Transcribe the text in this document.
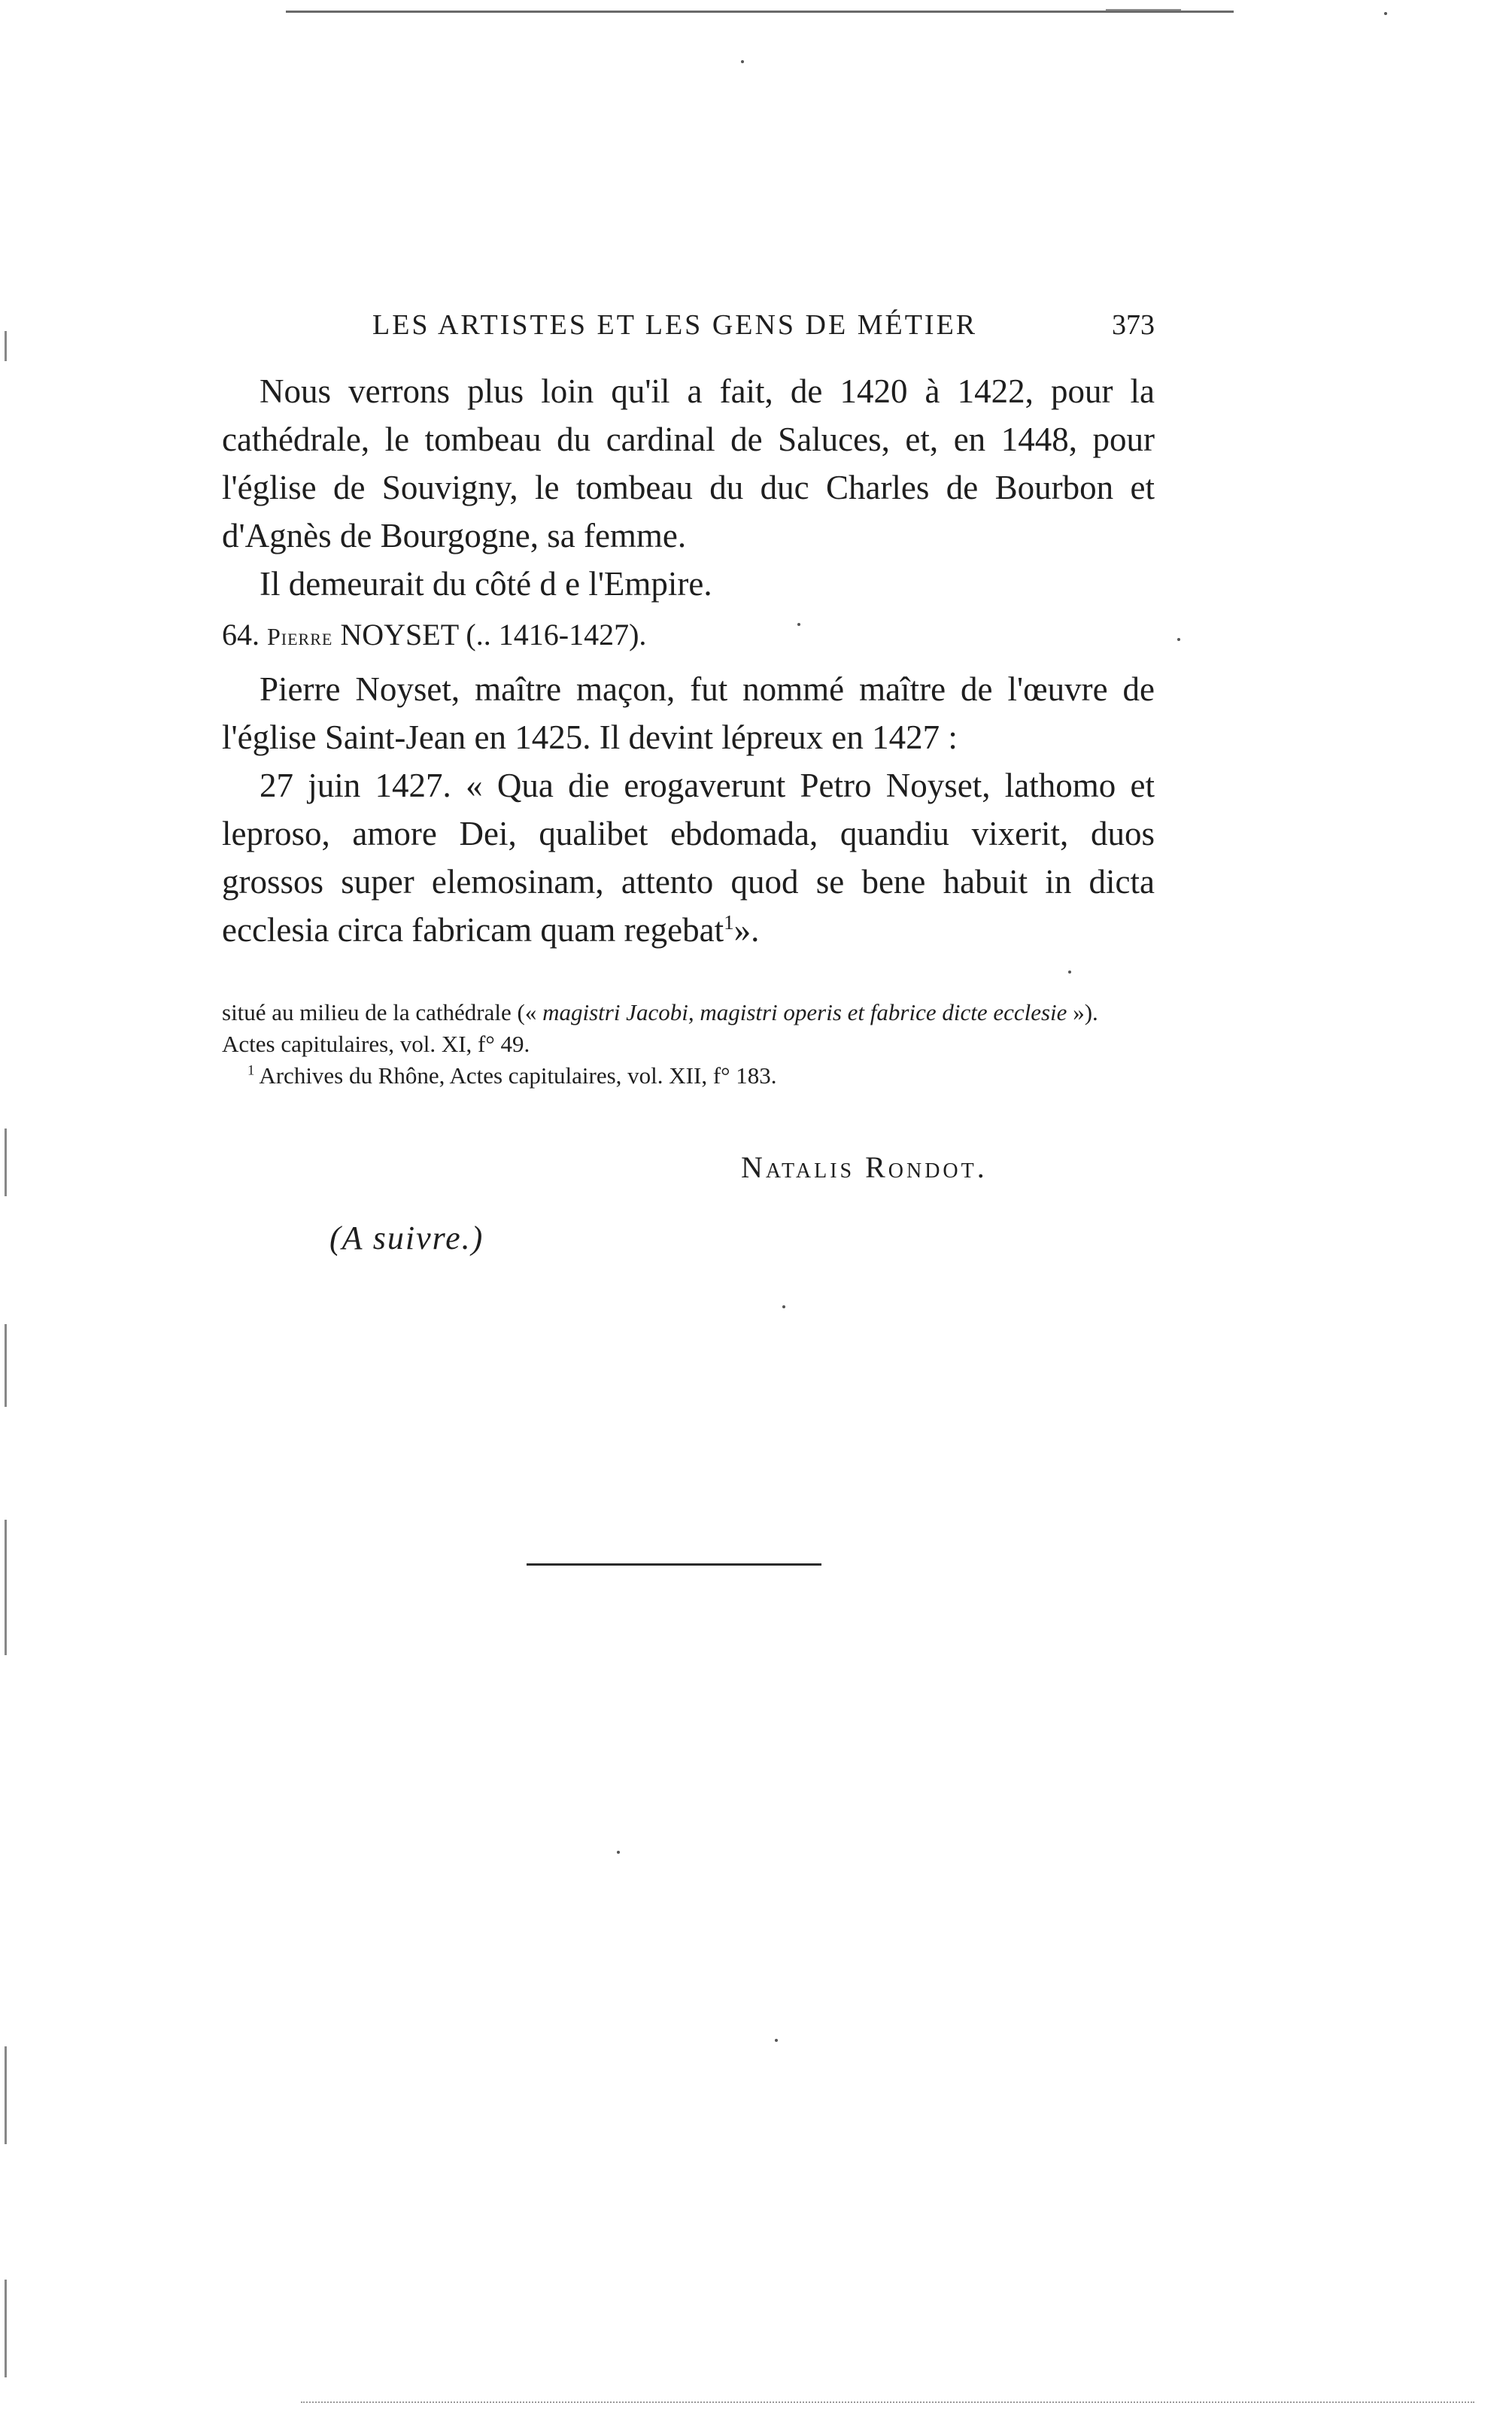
LES ARTISTES ET LES GENS DE MÉTIER	373

Nous verrons plus loin qu'il a fait, de 1420 à 1422, pour la cathédrale, le tombeau du cardinal de Saluces, et, en 1448, pour l'église de Souvigny, le tombeau du duc Charles de Bourbon et d'Agnès de Bourgogne, sa femme.

Il demeurait du côté d e l'Empire.

64. Pierre NOYSET (.. 1416-1427).

Pierre Noyset, maître maçon, fut nommé maître de l'œuvre de l'église Saint-Jean en 1425. Il devint lépreux en 1427 :

27 juin 1427. « Qua die erogaverunt Petro Noyset, lathomo et leproso, amore Dei, qualibet ebdomada, quandiu vixerit, duos grossos super elemosinam, attento quod se bene habuit in dicta ecclesia circa fabricam quam regebat$^1$».

situé au milieu de la cathédrale (« magistri Jacobi, magistri operis et fabrice dicte ecclesie »). Actes capitulaires, vol. XI, f° 49.

$^1$ Archives du Rhône, Actes capitulaires, vol. XII, f° 183.

Natalis Rondot.
(A suivre.)
